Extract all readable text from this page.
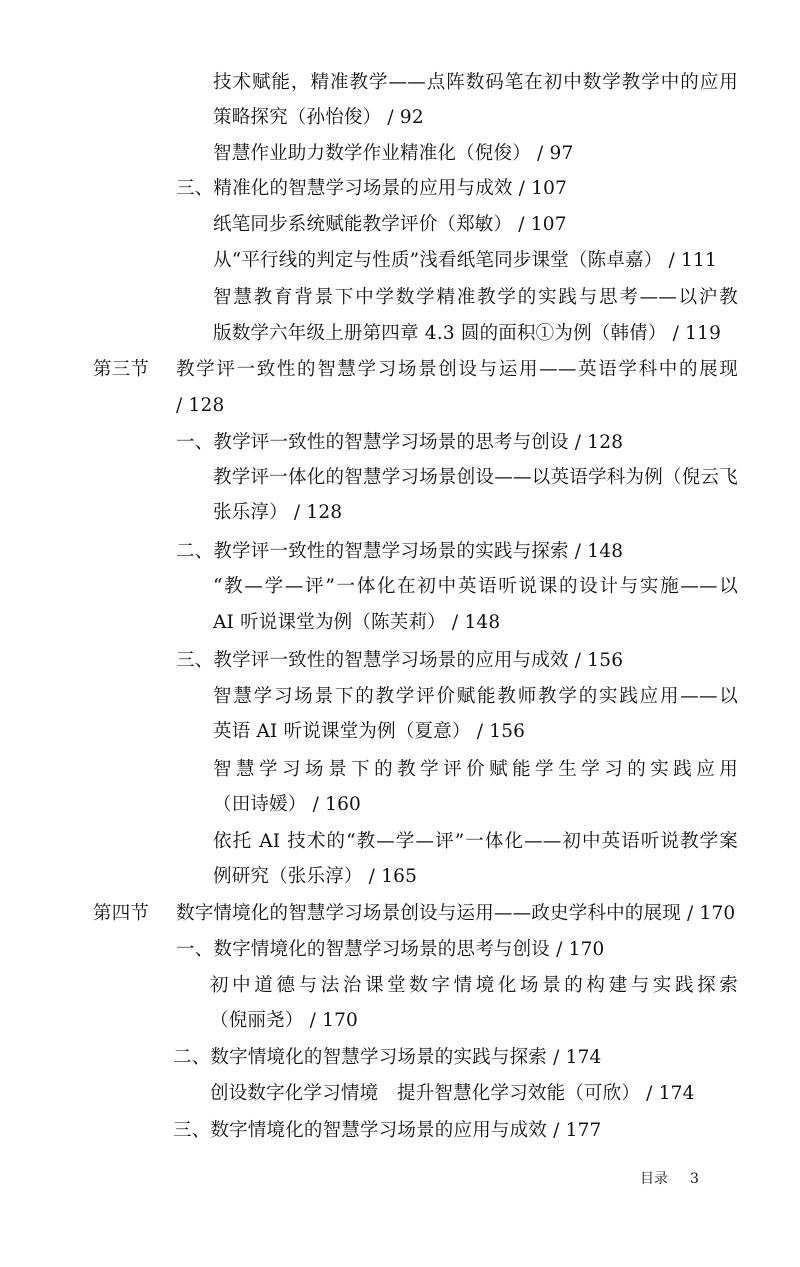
技术赋能，精准教学——点阵数码笔在初中数学教学中的应用
策略探究（孙怡俊） / 92
智慧作业助力数学作业精准化（倪俊） / 97
三、精准化的智慧学习场景的应用与成效 / 107
纸笔同步系统赋能教学评价（郑敏） / 107
从“平行线的判定与性质”浅看纸笔同步课堂（陈卓嘉） / 111
智慧教育背景下中学数学精准教学的实践与思考——以沪教
版数学六年级上册第四章 4.3 圆的面积①为例（韩倩） / 119
第三节 教学评一致性的智慧学习场景创设与运用——英语学科中的展现
/ 128
一、教学评一致性的智慧学习场景的思考与创设 / 128
教学评一体化的智慧学习场景创设——以英语学科为例（倪云飞
张乐淳） / 128
二、教学评一致性的智慧学习场景的实践与探索 / 148
“教—学—评”一体化在初中英语听说课的设计与实施——以
AI 听说课堂为例（陈芙莉） / 148
三、教学评一致性的智慧学习场景的应用与成效 / 156
智慧学习场景下的教学评价赋能教师教学的实践应用——以
英语 AI 听说课堂为例（夏意） / 156
智慧学习场景下的教学评价赋能学生学习的实践应用
（田诗媛） / 160
依托 AI 技术的“教—学—评”一体化——初中英语听说教学案
例研究（张乐淳） / 165
第四节 数字情境化的智慧学习场景创设与运用——政史学科中的展现 / 170
一、数字情境化的智慧学习场景的思考与创设 / 170
初中道德与法治课堂数字情境化场景的构建与实践探索
（倪丽尧） / 170
二、数字情境化的智慧学习场景的实践与探索 / 174
创设数字化学习情境　提升智慧化学习效能（可欣） / 174
三、数字情境化的智慧学习场景的应用与成效 / 177
目录 3
